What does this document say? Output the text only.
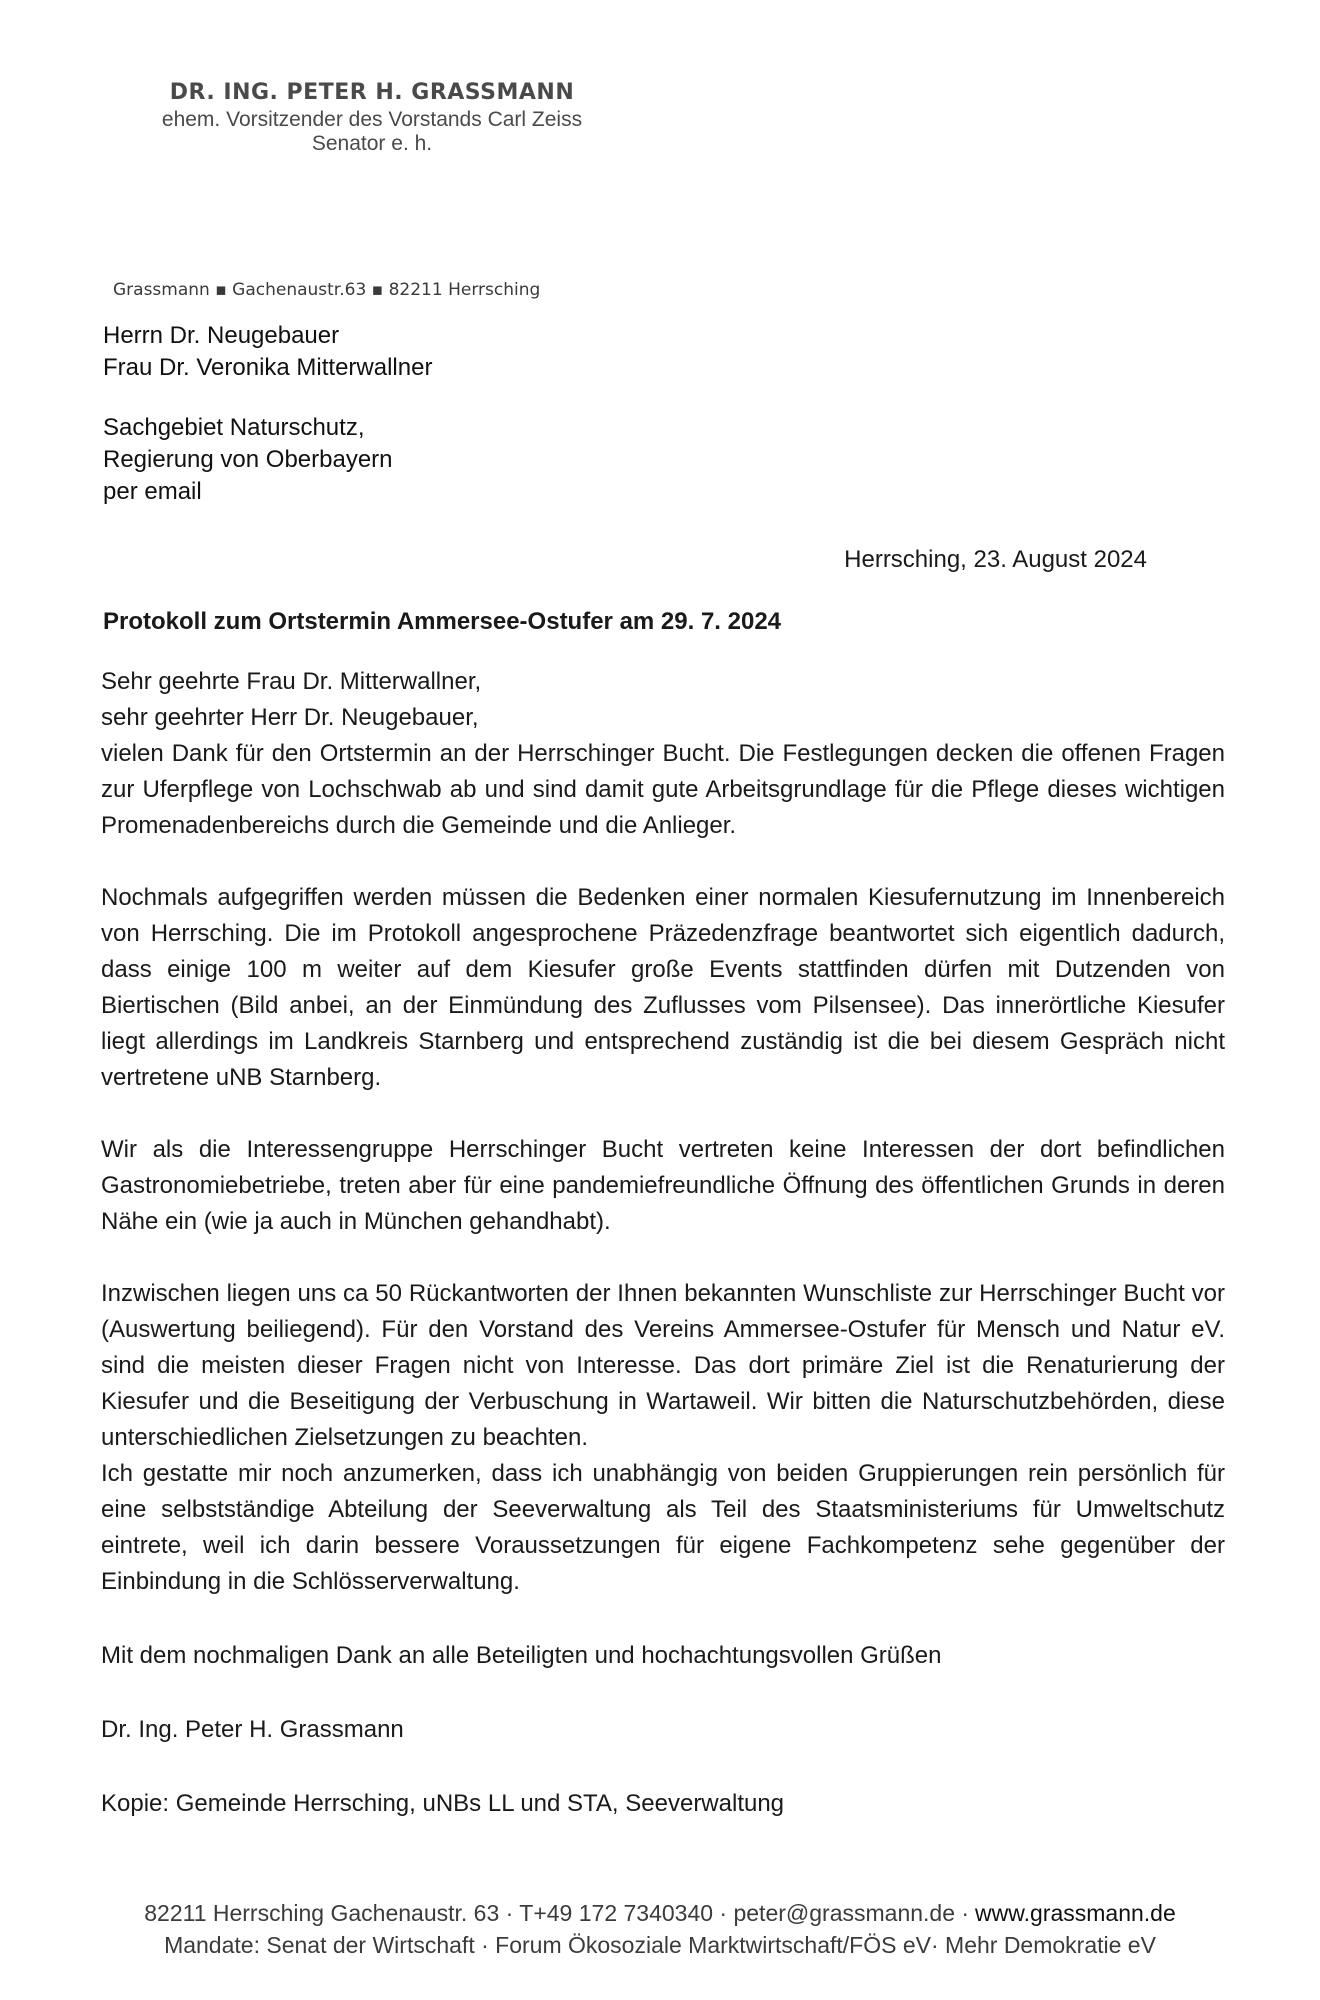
DR. ING. PETER H. GRASSMANN
ehem. Vorsitzender des Vorstands Carl Zeiss
Senator e. h.
Grassmann ▪ Gachenaustr.63 ▪ 82211 Herrsching
Herrn Dr. Neugebauer
Frau Dr. Veronika Mitterwallner
Sachgebiet Naturschutz,
Regierung von Oberbayern
per email
Herrsching, 23. August 2024
Protokoll zum Ortstermin Ammersee-Ostufer am 29. 7. 2024

Sehr geehrte Frau Dr. Mitterwallner,

sehr geehrter Herr Dr. Neugebauer,

vielen Dank für den Ortstermin an der Herrschinger Bucht. Die Festlegungen decken die offenen Fragen zur Uferpflege von Lochschwab ab und sind damit gute Arbeitsgrundlage für die Pflege dieses wichtigen Promenadenbereichs durch die Gemeinde und die Anlieger.

Nochmals aufgegriffen werden müssen die Bedenken einer normalen Kiesufernutzung im Innenbereich von Herrsching. Die im Protokoll angesprochene Präzedenzfrage beantwortet sich eigentlich dadurch, dass einige 100 m weiter auf dem Kiesufer große Events stattfinden dürfen mit Dutzenden von Biertischen (Bild anbei, an der Einmündung des Zuflusses vom Pilsensee). Das innerörtliche Kiesufer liegt allerdings im Landkreis Starnberg und entsprechend zuständig ist die bei diesem Gespräch nicht vertretene uNB Starnberg.

Wir als die Interessengruppe Herrschinger Bucht vertreten keine Interessen der dort befindlichen Gastronomiebetriebe, treten aber für eine pandemiefreundliche Öffnung des öffentlichen Grunds in deren Nähe ein (wie ja auch in München gehandhabt).

Inzwischen liegen uns ca 50 Rückantworten der Ihnen bekannten Wunschliste zur Herrschinger Bucht vor (Auswertung beiliegend). Für den Vorstand des Vereins Ammersee-Ostufer für Mensch und Natur eV. sind die meisten dieser Fragen nicht von Interesse. Das dort primäre Ziel ist die Renaturierung der Kiesufer und die Beseitigung der Verbuschung in Wartaweil. Wir bitten die Naturschutzbehörden, diese unterschiedlichen Zielsetzungen zu beachten.

Ich gestatte mir noch anzumerken, dass ich unabhängig von beiden Gruppierungen rein persönlich für eine selbstständige Abteilung der Seeverwaltung als Teil des Staatsministeriums für Umweltschutz eintrete, weil ich darin bessere Voraussetzungen für eigene Fachkompetenz sehe gegenüber der Einbindung in die Schlösserverwaltung.

Mit dem nochmaligen Dank an alle Beteiligten und hochachtungsvollen Grüßen

Dr. Ing. Peter H. Grassmann

Kopie: Gemeinde Herrsching, uNBs LL und STA, Seeverwaltung

82211 Herrsching Gachenaustr. 63 · T+49 172 7340340 · peter@grassmann.de · www.grassmann.de
Mandate: Senat der Wirtschaft · Forum Ökosoziale Marktwirtschaft/FÖS eV· Mehr Demokratie eV
